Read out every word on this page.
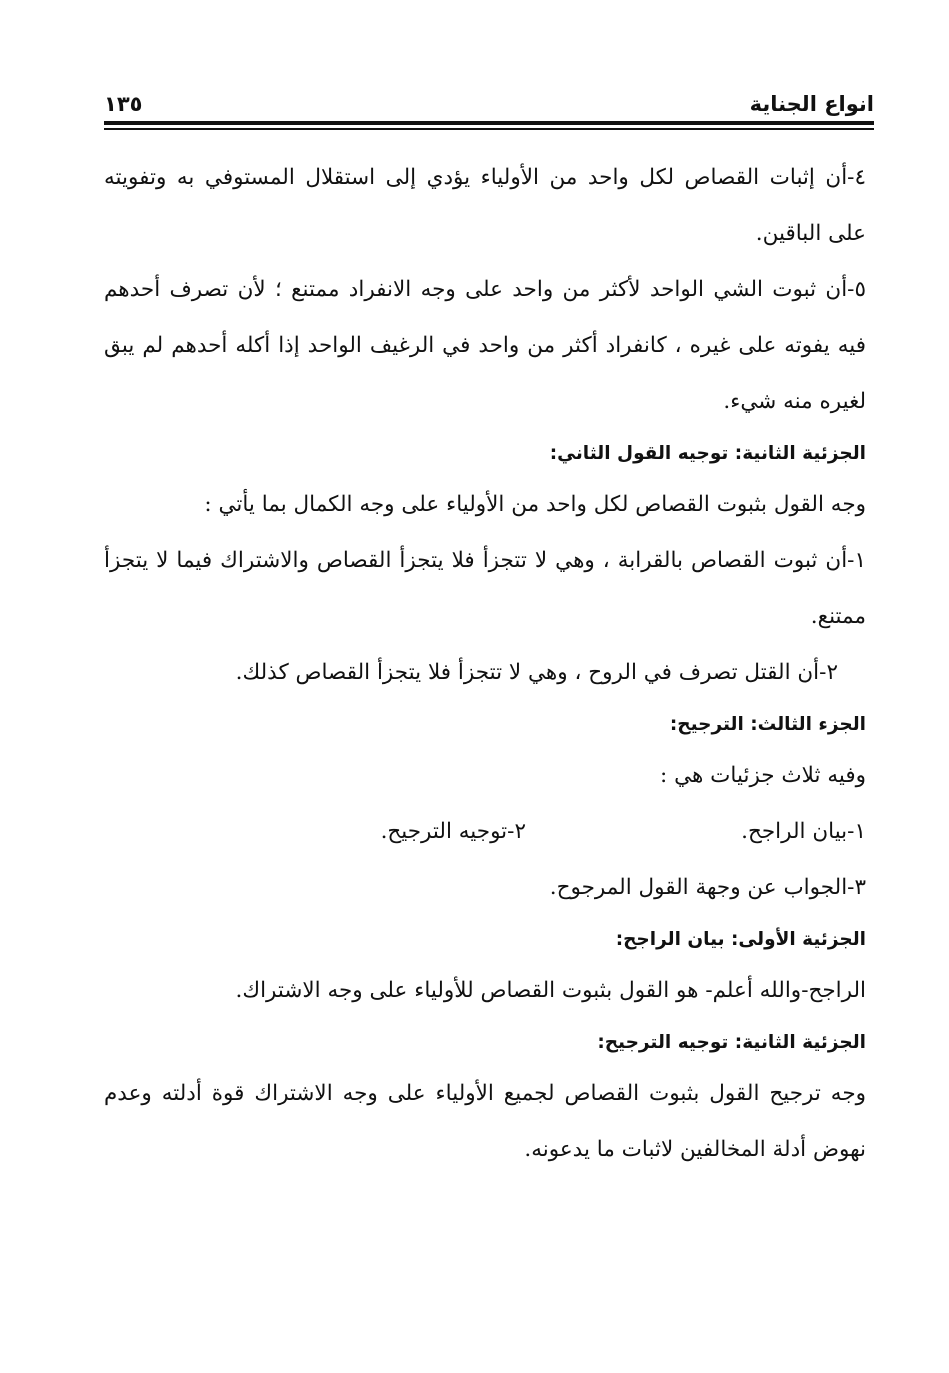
انواع الجناية
١٣٥

٤-أن إثبات القصاص لكل واحد من الأولياء يؤدي إلى استقلال المستوفي به وتفويته على الباقين.

٥-أن ثبوت الشي الواحد لأكثر من واحد على وجه الانفراد ممتنع ؛ لأن تصرف أحدهم فيه يفوته على غيره ، كانفراد أكثر من واحد في الرغيف الواحد إذا أكله أحدهم لم يبق لغيره منه شيء.

الجزئية الثانية: توجيه القول الثاني:

وجه القول بثبوت القصاص لكل واحد من الأولياء على وجه الكمال بما يأتي :

١-أن ثبوت القصاص بالقرابة ، وهي لا تتجزأ فلا يتجزأ القصاص والاشتراك فيما لا يتجزأ ممتنع.

٢-أن القتل تصرف في الروح ، وهي لا تتجزأ فلا يتجزأ القصاص كذلك.

الجزء الثالث: الترجيح:

وفيه ثلاث جزئيات هي :

١-بيان الراجح.
٢-توجيه الترجيح.

٣-الجواب عن وجهة القول المرجوح.

الجزئية الأولى: بيان الراجح:

الراجح-والله أعلم- هو القول بثبوت القصاص للأولياء على وجه الاشتراك.

الجزئية الثانية: توجيه الترجيح:

وجه ترجيح القول بثبوت القصاص لجميع الأولياء على وجه الاشتراك قوة أدلته وعدم نهوض أدلة المخالفين لاثبات ما يدعونه.
